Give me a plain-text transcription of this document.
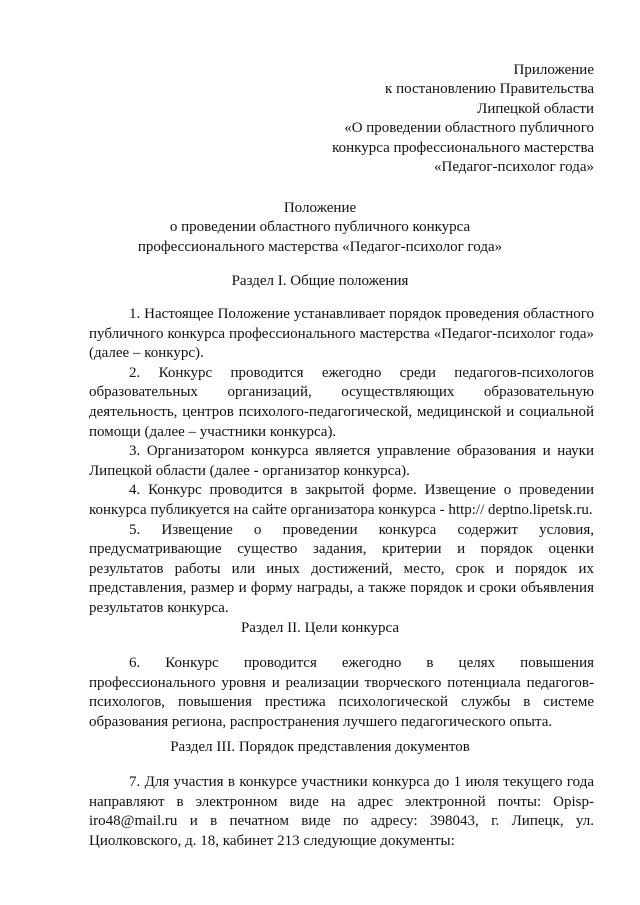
Приложение
к постановлению Правительства
Липецкой области
«О проведении областного публичного
конкурса профессионального мастерства
«Педагог-психолог года»
Положение
о проведении областного публичного конкурса
профессионального мастерства «Педагог-психолог года»
Раздел I. Общие положения

1. Настоящее Положение устанавливает порядок проведения областного публичного конкурса профессионального мастерства «Педагог-психолог года» (далее – конкурс).

2. Конкурс проводится ежегодно среди педагогов-психологов образовательных организаций, осуществляющих образовательную деятельность, центров психолого-педагогической, медицинской и социальной помощи (далее – участники конкурса).

3. Организатором конкурса является управление образования и науки Липецкой области (далее - организатор конкурса).

4. Конкурс проводится в закрытой форме. Извещение о проведении конкурса публикуется на сайте организатора конкурса - http:// deptno.lipetsk.ru.

5. Извещение о проведении конкурса содержит условия, предусматривающие существо задания, критерии и порядок оценки результатов работы или иных достижений, место, срок и порядок их представления, размер и форму награды, а также порядок и сроки объявления результатов конкурса.

Раздел II. Цели конкурса

6. Конкурс проводится ежегодно в целях повышения профессионального уровня и реализации творческого потенциала педагогов-психологов, повышения престижа психологической службы в системе образования региона, распространения лучшего педагогического опыта.

Раздел III. Порядок представления документов

7. Для участия в конкурсе участники конкурса до 1 июля текущего года направляют в электронном виде на адрес электронной почты: Opisp-iro48@mail.ru и в печатном виде по адресу: 398043, г. Липецк, ул. Циолковского, д. 18, кабинет 213 следующие документы:
